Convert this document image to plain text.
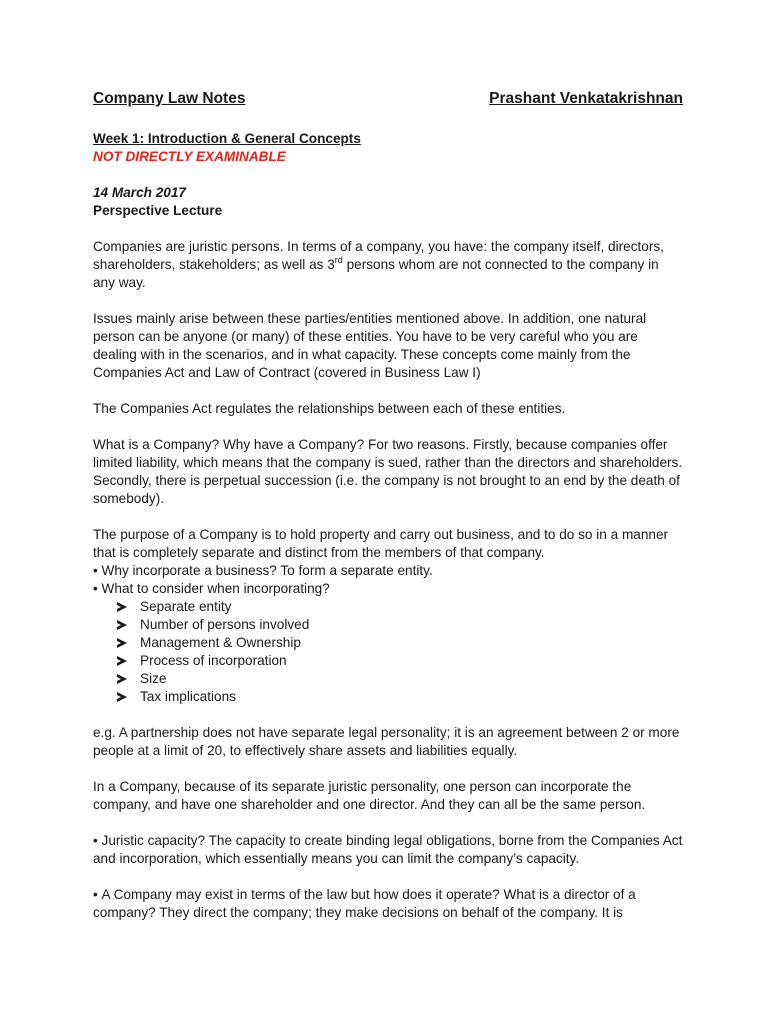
Company Law Notes	Prashant Venkatakrishnan
Week 1: Introduction & General Concepts
NOT DIRECTLY EXAMINABLE
14 March 2017
Perspective Lecture

Companies are juristic persons. In terms of a company, you have: the company itself, directors, shareholders, stakeholders; as well as 3rd persons whom are not connected to the company in any way.

Issues mainly arise between these parties/entities mentioned above. In addition, one natural person can be anyone (or many) of these entities. You have to be very careful who you are dealing with in the scenarios, and in what capacity. These concepts come mainly from the Companies Act and Law of Contract (covered in Business Law I)

The Companies Act regulates the relationships between each of these entities.

What is a Company? Why have a Company? For two reasons. Firstly, because companies offer limited liability, which means that the company is sued, rather than the directors and shareholders. Secondly, there is perpetual succession (i.e. the company is not brought to an end by the death of somebody).

The purpose of a Company is to hold property and carry out business, and to do so in a manner that is completely separate and distinct from the members of that company.

• Why incorporate a business? To form a separate entity.
• What to consider when incorporating?
Separate entity
Number of persons involved
Management & Ownership
Process of incorporation
Size
Tax implications

e.g. A partnership does not have separate legal personality; it is an agreement between 2 or more people at a limit of 20, to effectively share assets and liabilities equally.

In a Company, because of its separate juristic personality, one person can incorporate the company, and have one shareholder and one director. And they can all be the same person.

• Juristic capacity? The capacity to create binding legal obligations, borne from the Companies Act and incorporation, which essentially means you can limit the company’s capacity.

• A Company may exist in terms of the law but how does it operate? What is a director of a company? They direct the company; they make decisions on behalf of the company. It is
